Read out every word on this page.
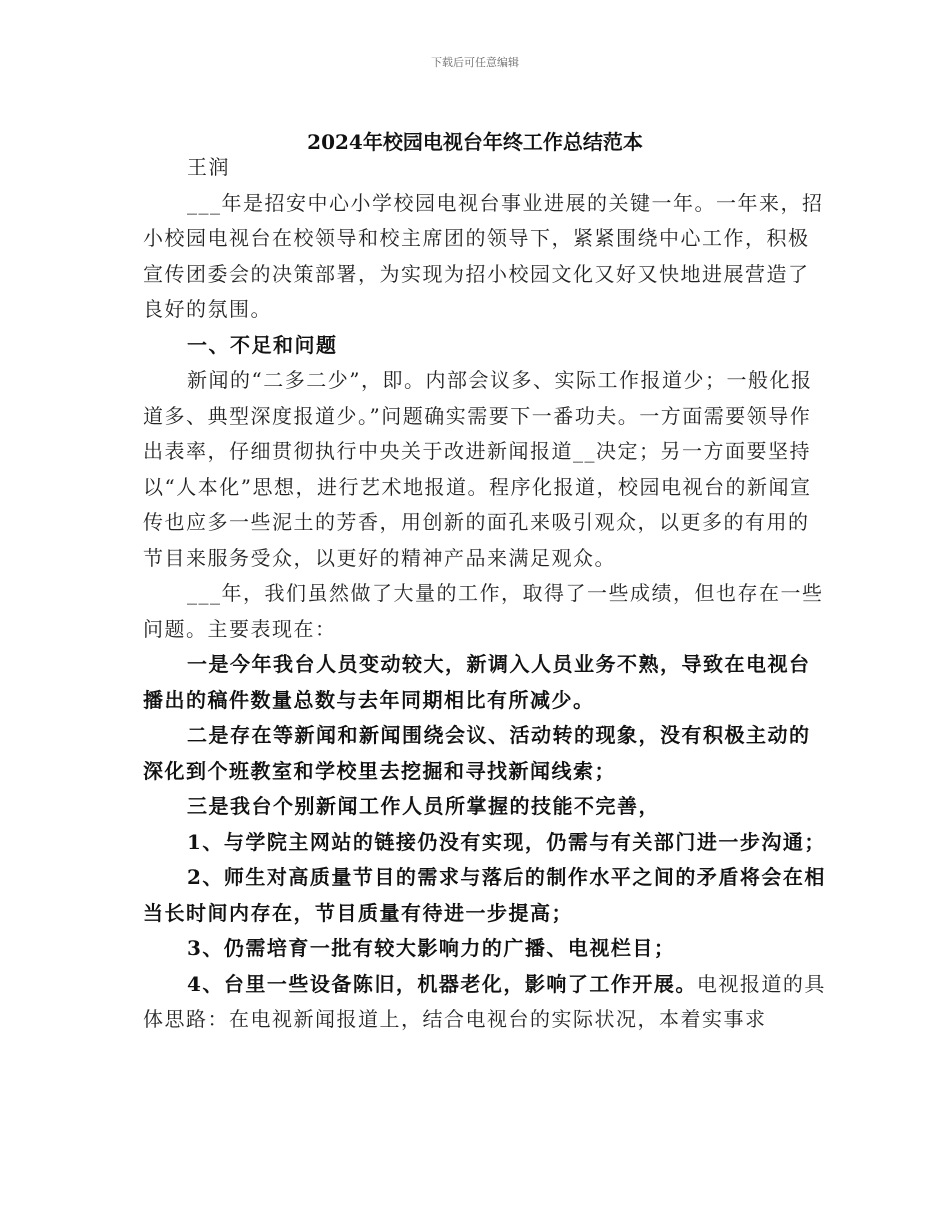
下载后可任意编辑
2024年校园电视台年终工作总结范本

王润

___年是招安中心小学校园电视台事业进展的关键一年。一年来，招小校园电视台在校领导和校主席团的领导下，紧紧围绕中心工作，积极宣传团委会的决策部署，为实现为招小校园文化又好又快地进展营造了良好的氛围。

一、不足和问题

新闻的“二多二少”，即。内部会议多、实际工作报道少；一般化报道多、典型深度报道少。”问题确实需要下一番功夫。一方面需要领导作出表率，仔细贯彻执行中央关于改进新闻报道__决定；另一方面要坚持以“人本化”思想，进行艺术地报道。程序化报道，校园电视台的新闻宣传也应多一些泥土的芳香，用创新的面孔来吸引观众，以更多的有用的节目来服务受众，以更好的精神产品来满足观众。

___年，我们虽然做了大量的工作，取得了一些成绩，但也存在一些问题。主要表现在：

一是今年我台人员变动较大，新调入人员业务不熟，导致在电视台播出的稿件数量总数与去年同期相比有所减少。

二是存在等新闻和新闻围绕会议、活动转的现象，没有积极主动的深化到个班教室和学校里去挖掘和寻找新闻线索；

三是我台个别新闻工作人员所掌握的技能不完善，

1、与学院主网站的链接仍没有实现，仍需与有关部门进一步沟通；

2、师生对高质量节目的需求与落后的制作水平之间的矛盾将会在相当长时间内存在，节目质量有待进一步提高；

3、仍需培育一批有较大影响力的广播、电视栏目；

4、台里一些设备陈旧，机器老化，影响了工作开展。电视报道的具体思路：在电视新闻报道上，结合电视台的实际状况，本着实事求
